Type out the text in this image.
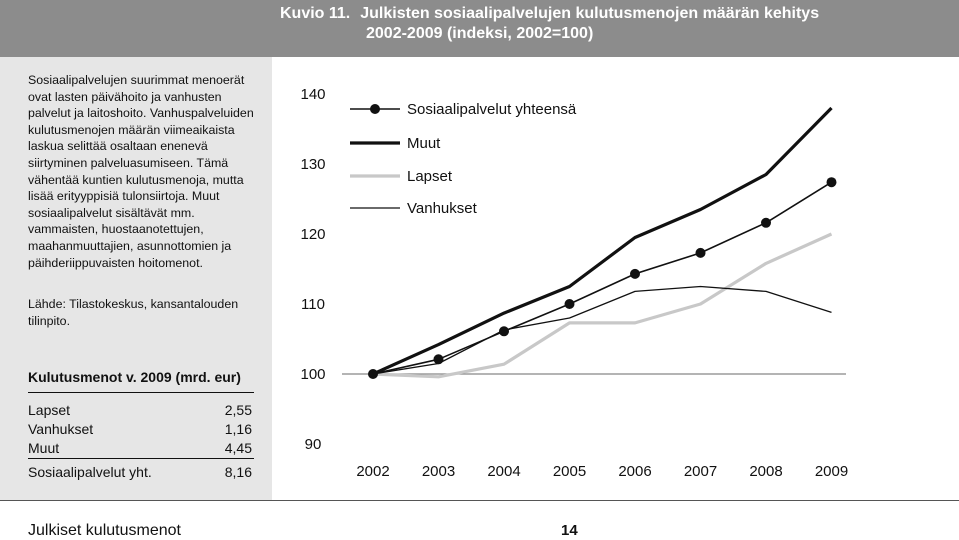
Kuvio 11. Julkisten sosiaalipalvelujen kulutusmenojen määrän kehitys
2002-2009 (indeksi, 2002=100)

Sosiaalipalvelujen suurimmat menoerät ovat lasten päivähoito ja vanhusten palvelut ja laitoshoito. Vanhuspalveluiden kulutusmenojen määrän viimeaikaista laskua selittää osaltaan enenevä siirtyminen palveluasumiseen. Tämä vähentää kuntien kulutusmenoja, mutta lisää erityyppisiä tulonsiirtoja. Muut sosiaalipalvelut sisältävät mm. vammaisten, huostaanotettujen, maahanmuuttajien, asunnottomien ja päihderiippuvaisten hoitomenot.

Lähde: Tilastokeskus, kansantalouden tilinpito.

Kulutusmenot v. 2009 (mrd. eur)
Lapset	2,55
Vanhukset	1,16
Muut	4,45
Sosiaalipalvelut yht.	8,16
90
100
110
120
130
140
2002 2003 2004 2005 2006 2007 2008 2009
Sosiaalipalvelut yhteensä
Muut
Lapset
Vanhukset
Julkiset kulutusmenot	14
